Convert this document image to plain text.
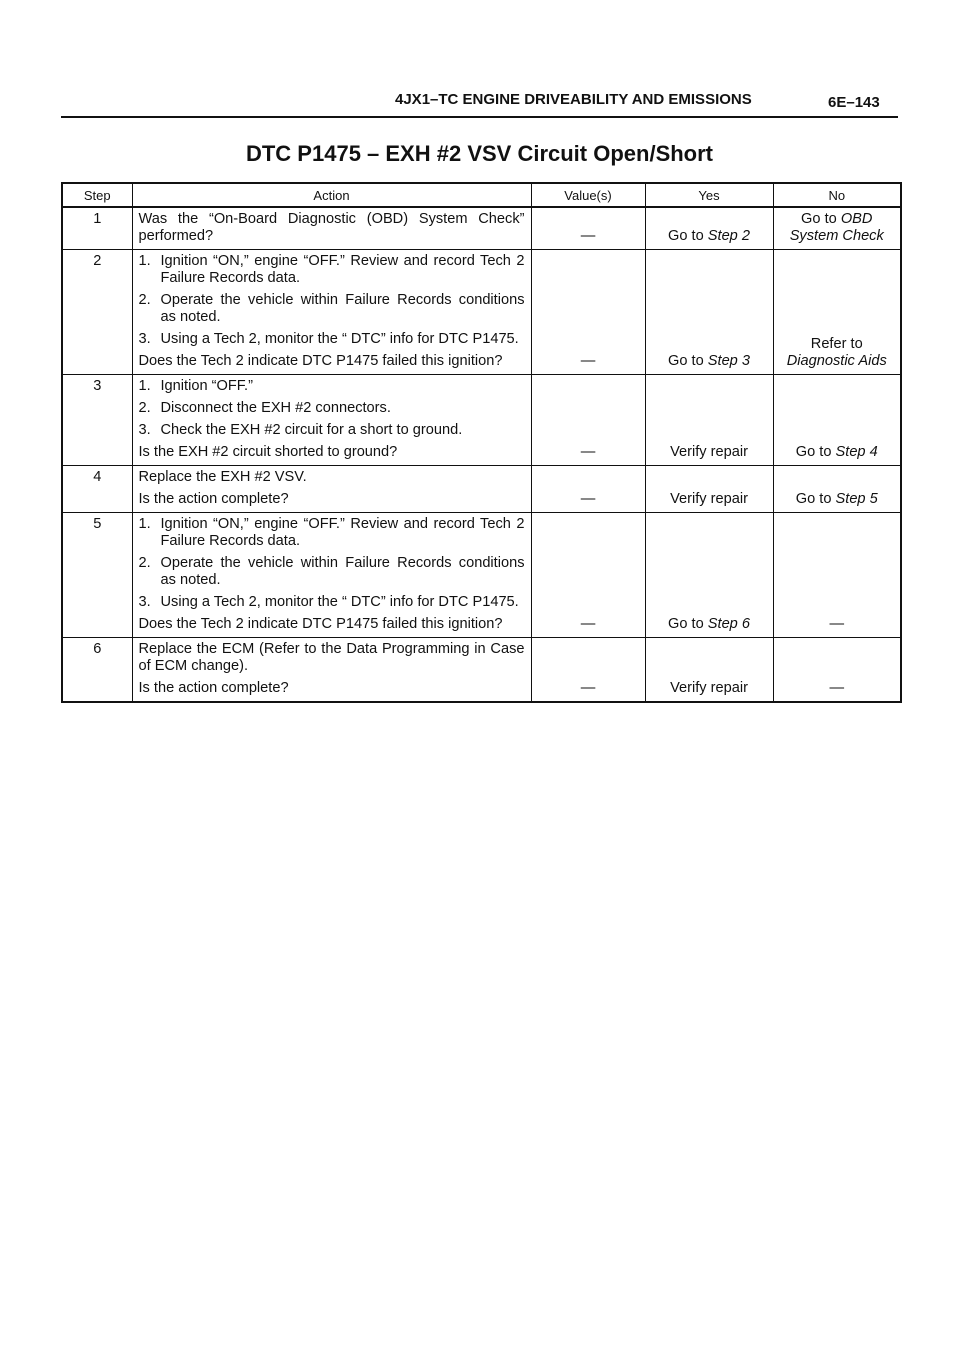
4JX1–TC ENGINE DRIVEABILITY AND EMISSIONS	6E–143
DTC P1475 – EXH #2 VSV Circuit Open/Short
Step	Action	Value(s)	Yes	No
1	Was the “On-Board Diagnostic (OBD) System Check” performed?	—	Go to Step 2	Go to OBD System Check
2	1. Ignition “ON,” engine “OFF.” Review and record Tech 2 Failure Records data.
2. Operate the vehicle within Failure Records conditions as noted.
3. Using a Tech 2, monitor the “ DTC” info for DTC P1475.
Does the Tech 2 indicate DTC P1475 failed this ignition?	—	Go to Step 3	Refer to Diagnostic Aids
3	1. Ignition “OFF.”
2. Disconnect the EXH #2 connectors.
3. Check the EXH #2 circuit for a short to ground.
Is the EXH #2 circuit shorted to ground?	—	Verify repair	Go to Step 4
4	Replace the EXH #2 VSV.
Is the action complete?	—	Verify repair	Go to Step 5
5	1. Ignition “ON,” engine “OFF.” Review and record Tech 2 Failure Records data.
2. Operate the vehicle within Failure Records conditions as noted.
3. Using a Tech 2, monitor the “ DTC” info for DTC P1475.
Does the Tech 2 indicate DTC P1475 failed this ignition?	—	Go to Step 6	—
6	Replace the ECM (Refer to the Data Programming in Case of ECM change).
Is the action complete?	—	Verify repair	—
